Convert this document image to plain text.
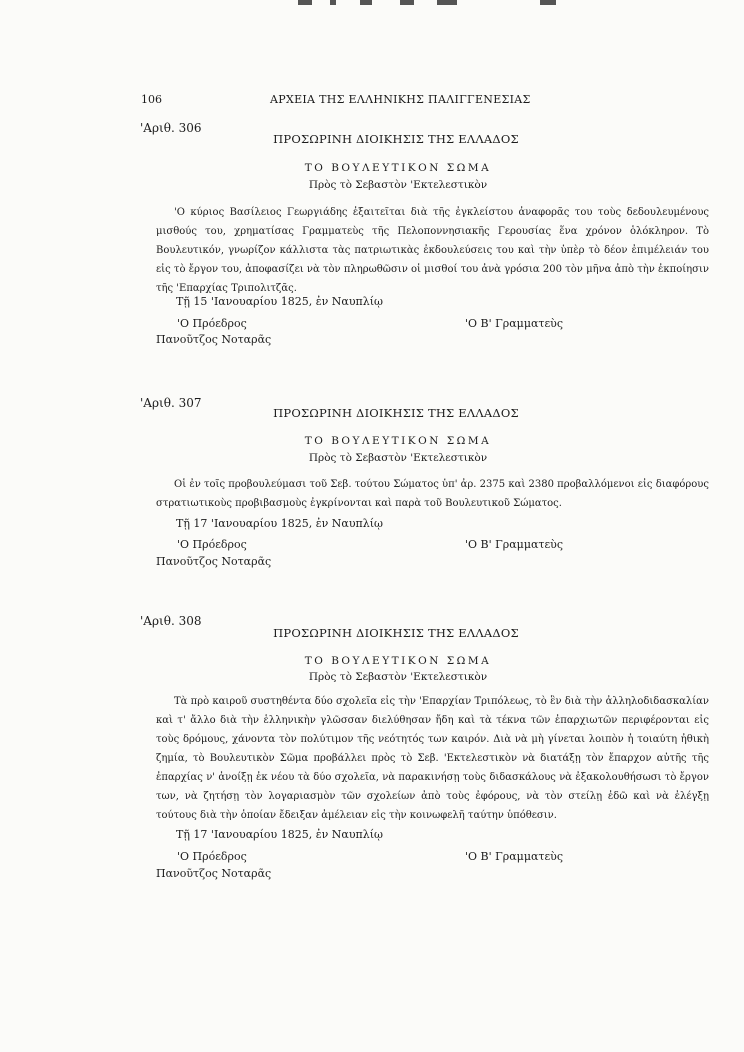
106	ΑΡΧΕΙΑ ΤΗΣ ΕΛΛΗΝΙΚΗΣ ΠΑΛΙΓΓΕΝΕΣΙΑΣ
'Αριθ. 306
ΠΡΟΣΩΡΙΝΗ ΔΙΟΙΚΗΣΙΣ ΤΗΣ ΕΛΛΑΔΟΣ
ΤΟ ΒΟΥΛΕΥΤΙΚΟΝ ΣΩΜΑ
Πρὸς τὸ Σεβαστὸν 'Εκτελεστικὸν

'Ο κύριος Βασίλειος Γεωργιάδης ἐξαιτεῖται διὰ τῆς ἐγκλείστου ἀναφορᾶς του τοὺς δεδουλευμένους μισθούς του, χρηματίσας Γραμματεὺς τῆς Πελοποννησιακῆς Γερουσίας ἕνα χρόνον ὁλόκληρον. Τὸ Βουλευτικόν, γνωρίζον κάλλιστα τὰς πατριωτικὰς ἐκδουλεύσεις του καὶ τὴν ὑπὲρ τὸ δέον ἐπιμέλειάν του εἰς τὸ ἔργον του, ἀποφασίζει νὰ τὸν πληρωθῶσιν οἱ μισθοί του ἀνὰ γρόσια 200 τὸν μῆνα ἀπὸ τὴν ἐκποίησιν τῆς 'Επαρχίας Τριπολιτζᾶς.

Τῇ 15 'Ιανουαρίου 1825, ἐν Ναυπλίῳ
'Ο Πρόεδρος
Πανοῦτζος Νοταρᾶς
'Ο Β' Γραμματεὺς
'Αριθ. 307
ΠΡΟΣΩΡΙΝΗ ΔΙΟΙΚΗΣΙΣ ΤΗΣ ΕΛΛΑΔΟΣ
ΤΟ ΒΟΥΛΕΥΤΙΚΟΝ ΣΩΜΑ
Πρὸς τὸ Σεβαστὸν 'Εκτελεστικὸν

Οἱ ἐν τοῖς προβουλεύμασι τοῦ Σεβ. τούτου Σώματος ὑπ' ἀρ. 2375 καὶ 2380 προβαλλόμενοι εἰς διαφόρους στρατιωτικοὺς προβιβασμοὺς ἐγκρίνονται καὶ παρὰ τοῦ Βουλευτικοῦ Σώματος.

Τῇ 17 'Ιανουαρίου 1825, ἐν Ναυπλίῳ
'Ο Πρόεδρος
Πανοῦτζος Νοταρᾶς
'Ο Β' Γραμματεὺς
'Αριθ. 308
ΠΡΟΣΩΡΙΝΗ ΔΙΟΙΚΗΣΙΣ ΤΗΣ ΕΛΛΑΔΟΣ
ΤΟ ΒΟΥΛΕΥΤΙΚΟΝ ΣΩΜΑ
Πρὸς τὸ Σεβαστὸν 'Εκτελεστικὸν

Τὰ πρὸ καιροῦ συστηθέντα δύο σχολεῖα εἰς τὴν 'Επαρχίαν Τριπόλεως, τὸ ἓν διὰ τὴν ἀλληλοδιδασκαλίαν καὶ τ' ἄλλο διὰ τὴν ἑλληνικὴν γλῶσσαν διελύθησαν ἤδη καὶ τὰ τέκνα τῶν ἐπαρχιωτῶν περιφέρονται εἰς τοὺς δρόμους, χάνοντα τὸν πολύτιμον τῆς νεότητός των καιρόν. Διὰ νὰ μὴ γίνεται λοιπὸν ἡ τοιαύτη ἠθικὴ ζημία, τὸ Βουλευτικὸν Σῶμα προβάλλει πρὸς τὸ Σεβ. 'Εκτελεστικὸν νὰ διατάξῃ τὸν ἔπαρχον αὐτῆς τῆς ἐπαρχίας ν' ἀνοίξῃ ἐκ νέου τὰ δύο σχολεῖα, νὰ παρακινήσῃ τοὺς διδασκάλους νὰ ἐξακολουθήσωσι τὸ ἔργον των, νὰ ζητήσῃ τὸν λογαριασμὸν τῶν σχολείων ἀπὸ τοὺς ἐφόρους, νὰ τὸν στείλῃ ἐδῶ καὶ νὰ ἐλέγξῃ τούτους διὰ τὴν ὁποίαν ἔδειξαν ἀμέλειαν εἰς τὴν κοινωφελῆ ταύτην ὑπόθεσιν.

Τῇ 17 'Ιανουαρίου 1825, ἐν Ναυπλίῳ
'Ο Πρόεδρος
Πανοῦτζος Νοταρᾶς
'Ο Β' Γραμματεὺς
